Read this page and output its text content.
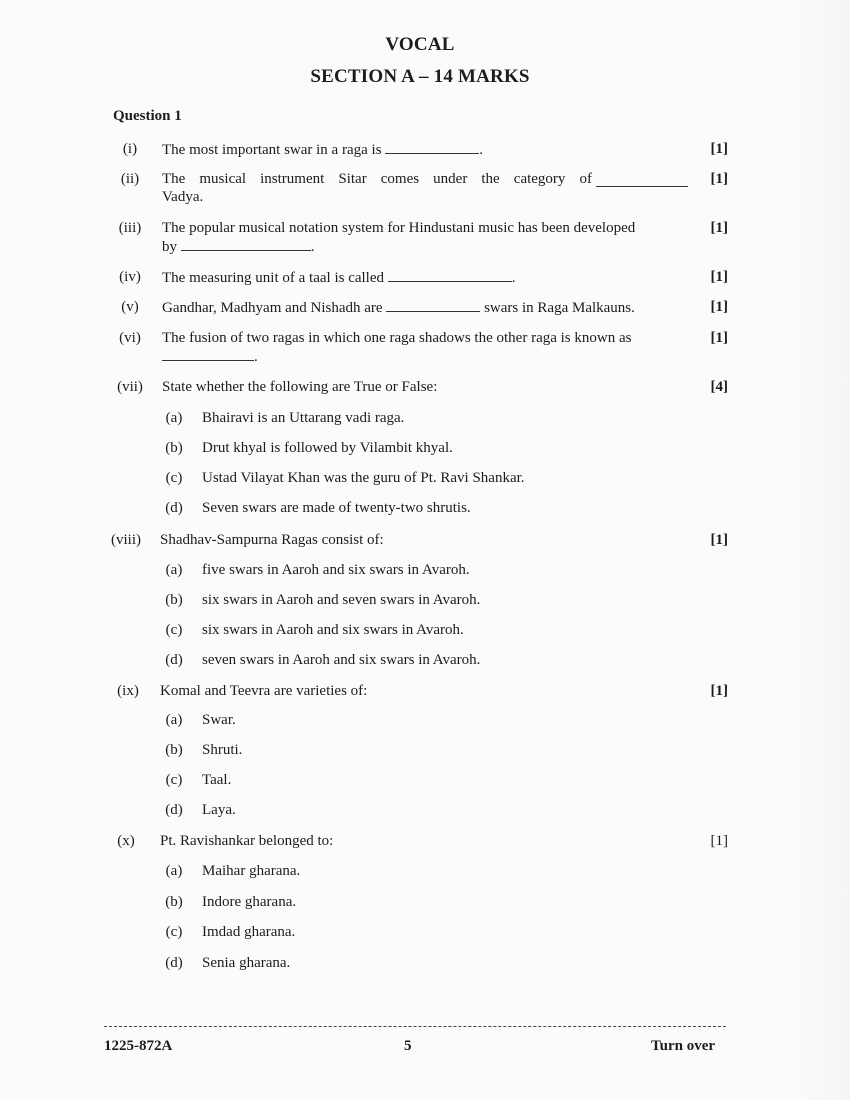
VOCAL
SECTION A – 14 MARKS
Question 1
(i)	The most important swar in a raga is	.	[1]
(ii)	The musical instrument Sitar comes under the category of
Vadya.
[1]
(iii)	The popular musical notation system for Hindustani music has been developed
by	.
[1]
(iv)	The measuring unit of a taal is called	.	[1]
(v)	Gandhar, Madhyam and Nishadh are	swars in Raga Malkauns.	[1]
(vi)	The fusion of two ragas in which one raga shadows the other raga is known as
.
[1]
(vii)	State whether the following are True or False:	[4]
(a)	Bhairavi is an Uttarang vadi raga.
(b)	Drut khyal is followed by Vilambit khyal.
(c)	Ustad Vilayat Khan was the guru of Pt. Ravi Shankar.
(d)	Seven swars are made of twenty-two shrutis.
(viii)	Shadhav-Sampurna Ragas consist of:	[1]
(a)	five swars in Aaroh and six swars in Avaroh.
(b)	six swars in Aaroh and seven swars in Avaroh.
(c)	six swars in Aaroh and six swars in Avaroh.
(d)	seven swars in Aaroh and six swars in Avaroh.
(ix)	Komal and Teevra are varieties of:	[1]
(a)	Swar.
(b)	Shruti.
(c)	Taal.
(d)	Laya.
(x)	Pt. Ravishankar belonged to:	[1]
(a)	Maihar gharana.
(b)	Indore gharana.
(c)	Imdad gharana.
(d)	Senia gharana.
1225-872A	5	Turn over
